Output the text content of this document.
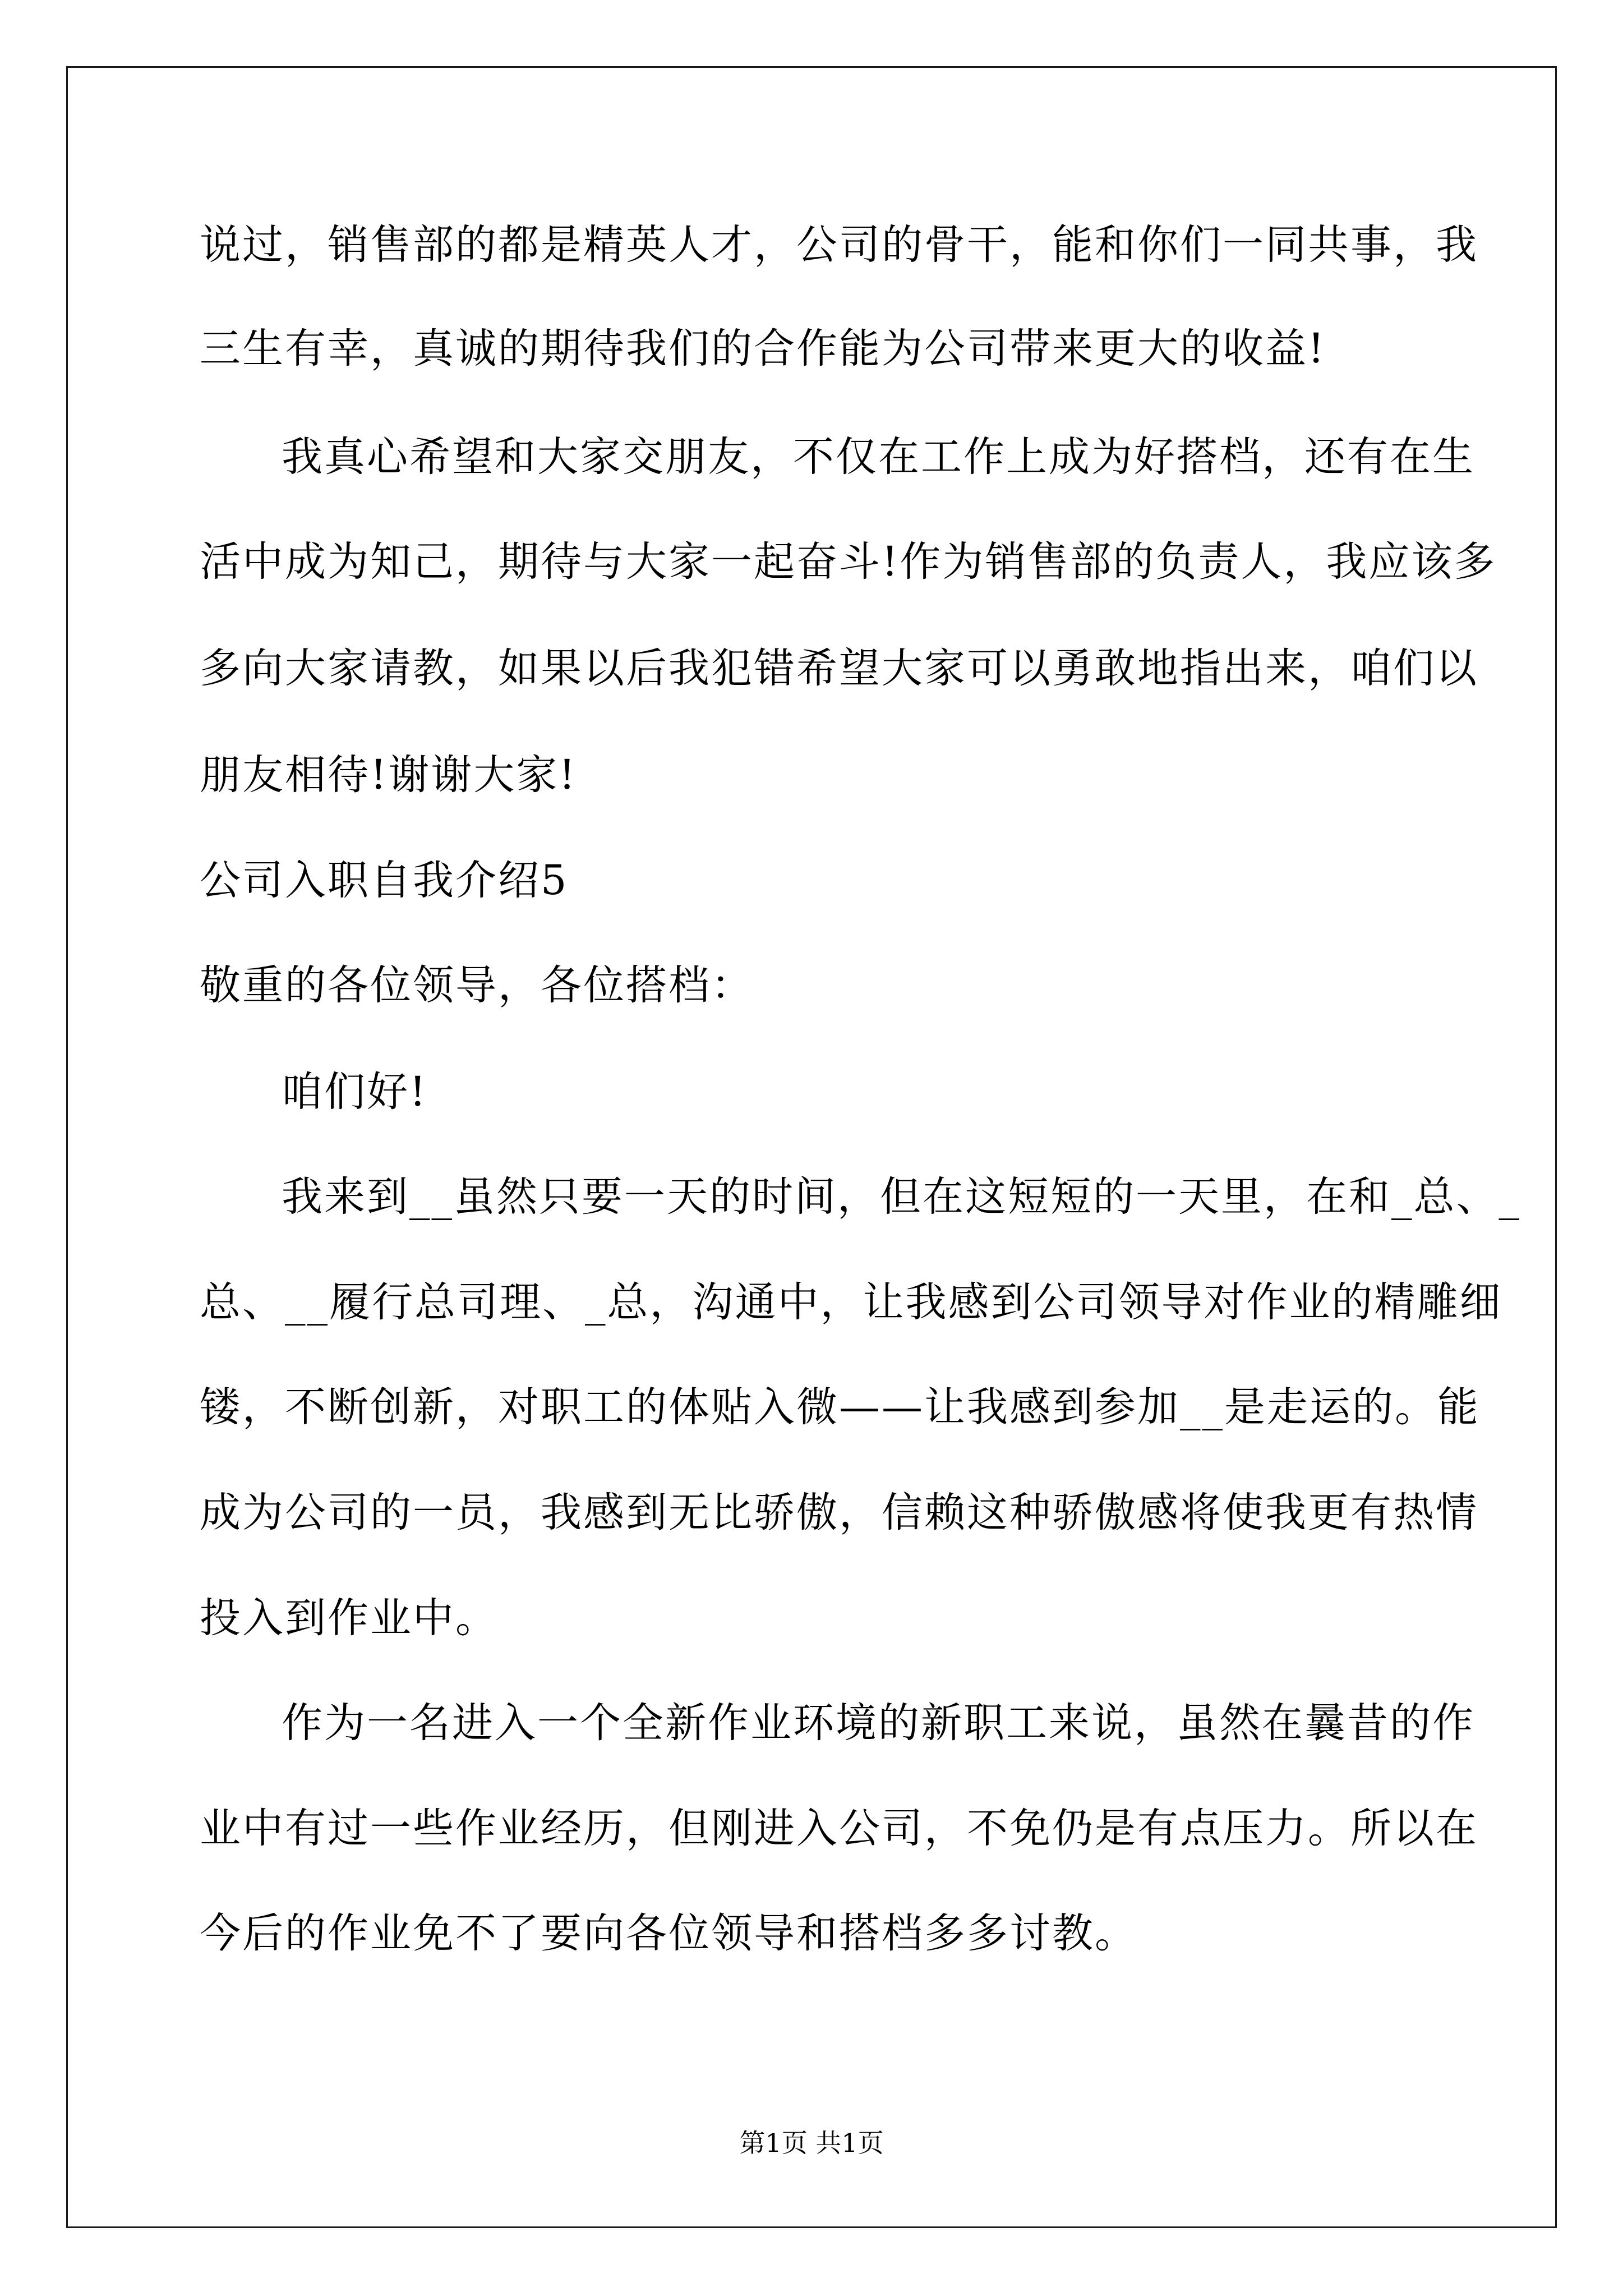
说过，销售部的都是精英人才，公司的骨干，能和你们一同共事，我

三生有幸，真诚的期待我们的合作能为公司带来更大的收益!

我真心希望和大家交朋友，不仅在工作上成为好搭档，还有在生

活中成为知己，期待与大家一起奋斗!作为销售部的负责人，我应该多

多向大家请教，如果以后我犯错希望大家可以勇敢地指出来，咱们以

朋友相待!谢谢大家!

公司入职自我介绍5

敬重的各位领导，各位搭档：

咱们好!

我来到__虽然只要一天的时间，但在这短短的一天里，在和_总、_

总、__履行总司理、_总，沟通中，让我感到公司领导对作业的精雕细

镂，不断创新，对职工的体贴入微——让我感到参加__是走运的。能

成为公司的一员，我感到无比骄傲，信赖这种骄傲感将使我更有热情

投入到作业中。

作为一名进入一个全新作业环境的新职工来说，虽然在曩昔的作

业中有过一些作业经历，但刚进入公司，不免仍是有点压力。所以在

今后的作业免不了要向各位领导和搭档多多讨教。

第1页 共1页
